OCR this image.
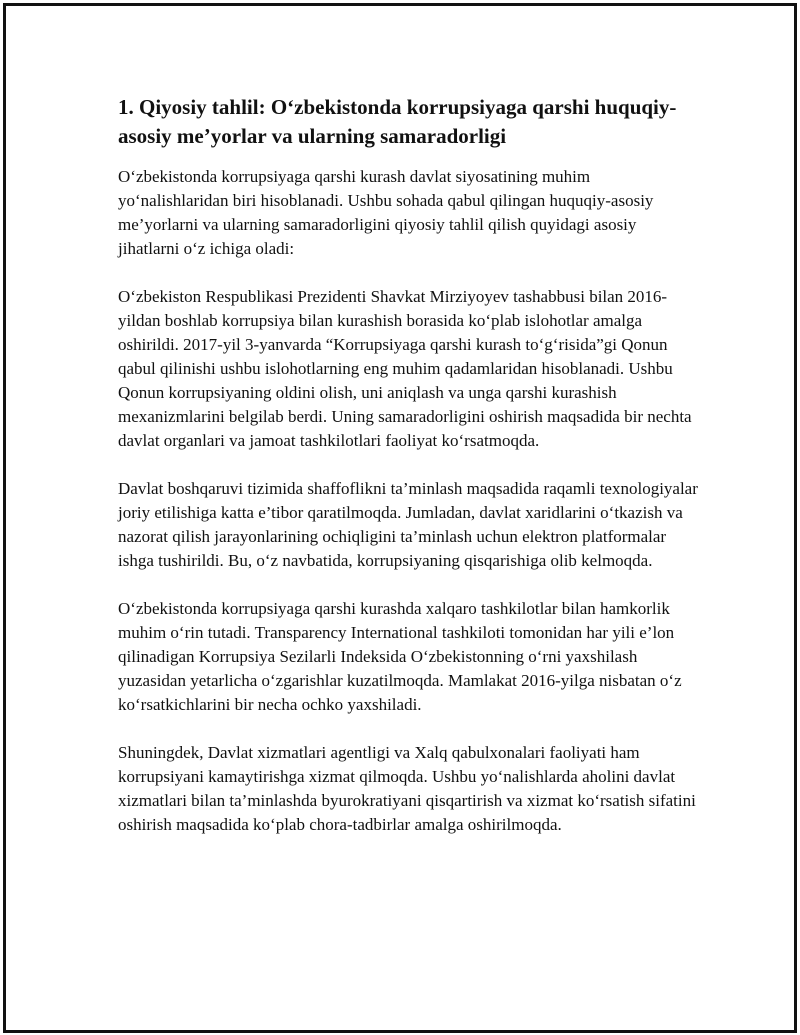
1. Qiyosiy tahlil: O‘zbekistonda korrupsiyaga qarshi huquqiy-asosiy me’yorlar va ularning samaradorligi

O‘zbekistonda korrupsiyaga qarshi kurash davlat siyosatining muhim yo‘nalishlaridan biri hisoblanadi. Ushbu sohada qabul qilingan huquqiy-asosiy me’yorlarni va ularning samaradorligini qiyosiy tahlil qilish quyidagi asosiy jihatlarni o‘z ichiga oladi:

O‘zbekiston Respublikasi Prezidenti Shavkat Mirziyoyev tashabbusi bilan 2016-yildan boshlab korrupsiya bilan kurashish borasida ko‘plab islohotlar amalga oshirildi. 2017-yil 3-yanvarda “Korrupsiyaga qarshi kurash to‘g‘risida”gi Qonun qabul qilinishi ushbu islohotlarning eng muhim qadamlaridan hisoblanadi. Ushbu Qonun korrupsiyaning oldini olish, uni aniqlash va unga qarshi kurashish mexanizmlarini belgilab berdi. Uning samaradorligini oshirish maqsadida bir nechta davlat organlari va jamoat tashkilotlari faoliyat ko‘rsatmoqda.

Davlat boshqaruvi tizimida shaffoflikni ta’minlash maqsadida raqamli texnologiyalar joriy etilishiga katta e’tibor qaratilmoqda. Jumladan, davlat xaridlarini o‘tkazish va nazorat qilish jarayonlarining ochiqligini ta’minlash uchun elektron platformalar ishga tushirildi. Bu, o‘z navbatida, korrupsiyaning qisqarishiga olib kelmoqda.

O‘zbekistonda korrupsiyaga qarshi kurashda xalqaro tashkilotlar bilan hamkorlik muhim o‘rin tutadi. Transparency International tashkiloti tomonidan har yili e’lon qilinadigan Korrupsiya Sezilarli Indeksida O‘zbekistonning o‘rni yaxshilash yuzasidan yetarlicha o‘zgarishlar kuzatilmoqda. Mamlakat 2016-yilga nisbatan o‘z ko‘rsatkichlarini bir necha ochko yaxshiladi.

Shuningdek, Davlat xizmatlari agentligi va Xalq qabulxonalari faoliyati ham korrupsiyani kamaytirishga xizmat qilmoqda. Ushbu yo‘nalishlarda aholini davlat xizmatlari bilan ta’minlashda byurokratiyani qisqartirish va xizmat ko‘rsatish sifatini oshirish maqsadida ko‘plab chora-tadbirlar amalga oshirilmoqda.
